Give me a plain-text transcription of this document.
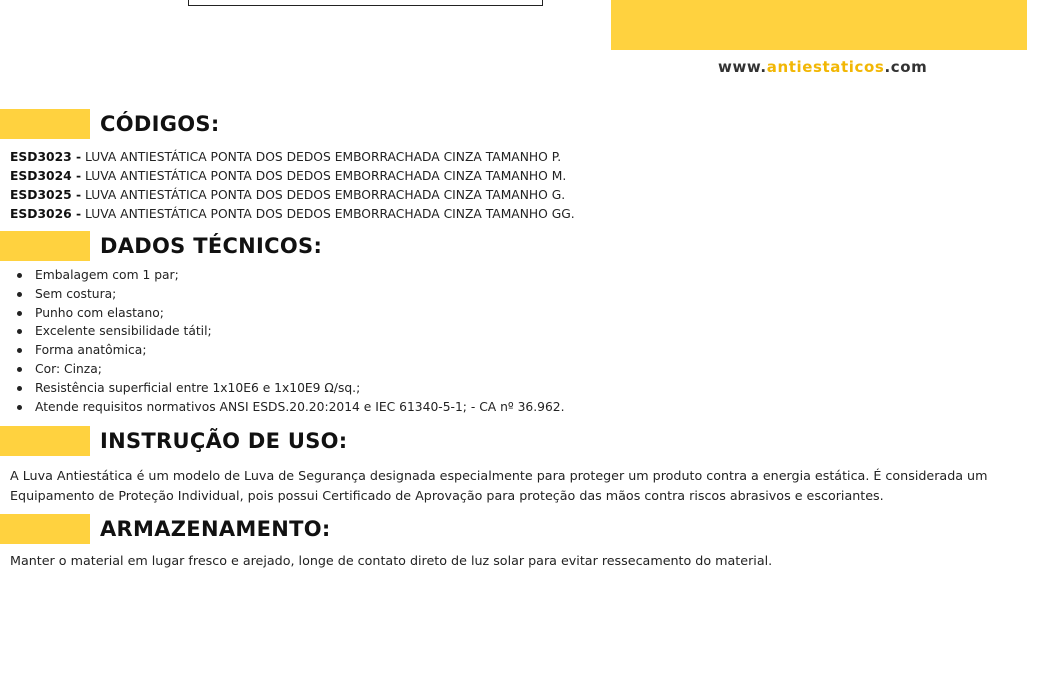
www.antiestaticos.com
CÓDIGOS:
ESD3023 - LUVA ANTIESTÁTICA PONTA DOS DEDOS EMBORRACHADA CINZA TAMANHO P.
ESD3024 - LUVA ANTIESTÁTICA PONTA DOS DEDOS EMBORRACHADA CINZA TAMANHO M.
ESD3025 - LUVA ANTIESTÁTICA PONTA DOS DEDOS EMBORRACHADA CINZA TAMANHO G.
ESD3026 - LUVA ANTIESTÁTICA PONTA DOS DEDOS EMBORRACHADA CINZA TAMANHO GG.
DADOS TÉCNICOS:
Embalagem com 1 par;
Sem costura;
Punho com elastano;
Excelente sensibilidade tátil;
Forma anatômica;
Cor: Cinza;
Resistência superficial entre 1x10E6 e 1x10E9 Ω/sq.;
Atende requisitos normativos ANSI ESDS.20.20:2014 e IEC 61340-5-1; - CA nº 36.962.
INSTRUÇÃO DE USO:
A Luva Antiestática é um modelo de Luva de Segurança designada especialmente para proteger um produto contra a energia estática. É considerada um Equipamento de Proteção Individual, pois possui Certificado de Aprovação para proteção das mãos contra riscos abrasivos e escoriantes.
ARMAZENAMENTO:
Manter o material em lugar fresco e arejado, longe de contato direto de luz solar para evitar ressecamento do material.
